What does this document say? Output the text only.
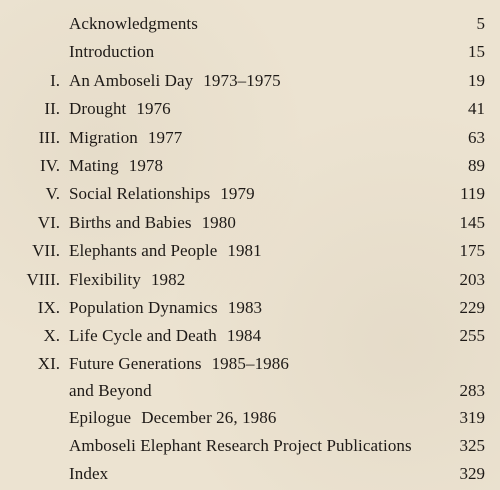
Acknowledgments	5
Introduction	15
I. An Amboseli Day 1973–1975	19
II. Drought 1976	41
III. Migration 1977	63
IV. Mating 1978	89
V. Social Relationships 1979	119
VI. Births and Babies 1980	145
VII. Elephants and People 1981	175
VIII. Flexibility 1982	203
IX. Population Dynamics 1983	229
X. Life Cycle and Death 1984	255
XI. Future Generations 1985–1986
and Beyond	283
Epilogue December 26, 1986	319
Amboseli Elephant Research Project Publications	325
Index	329
